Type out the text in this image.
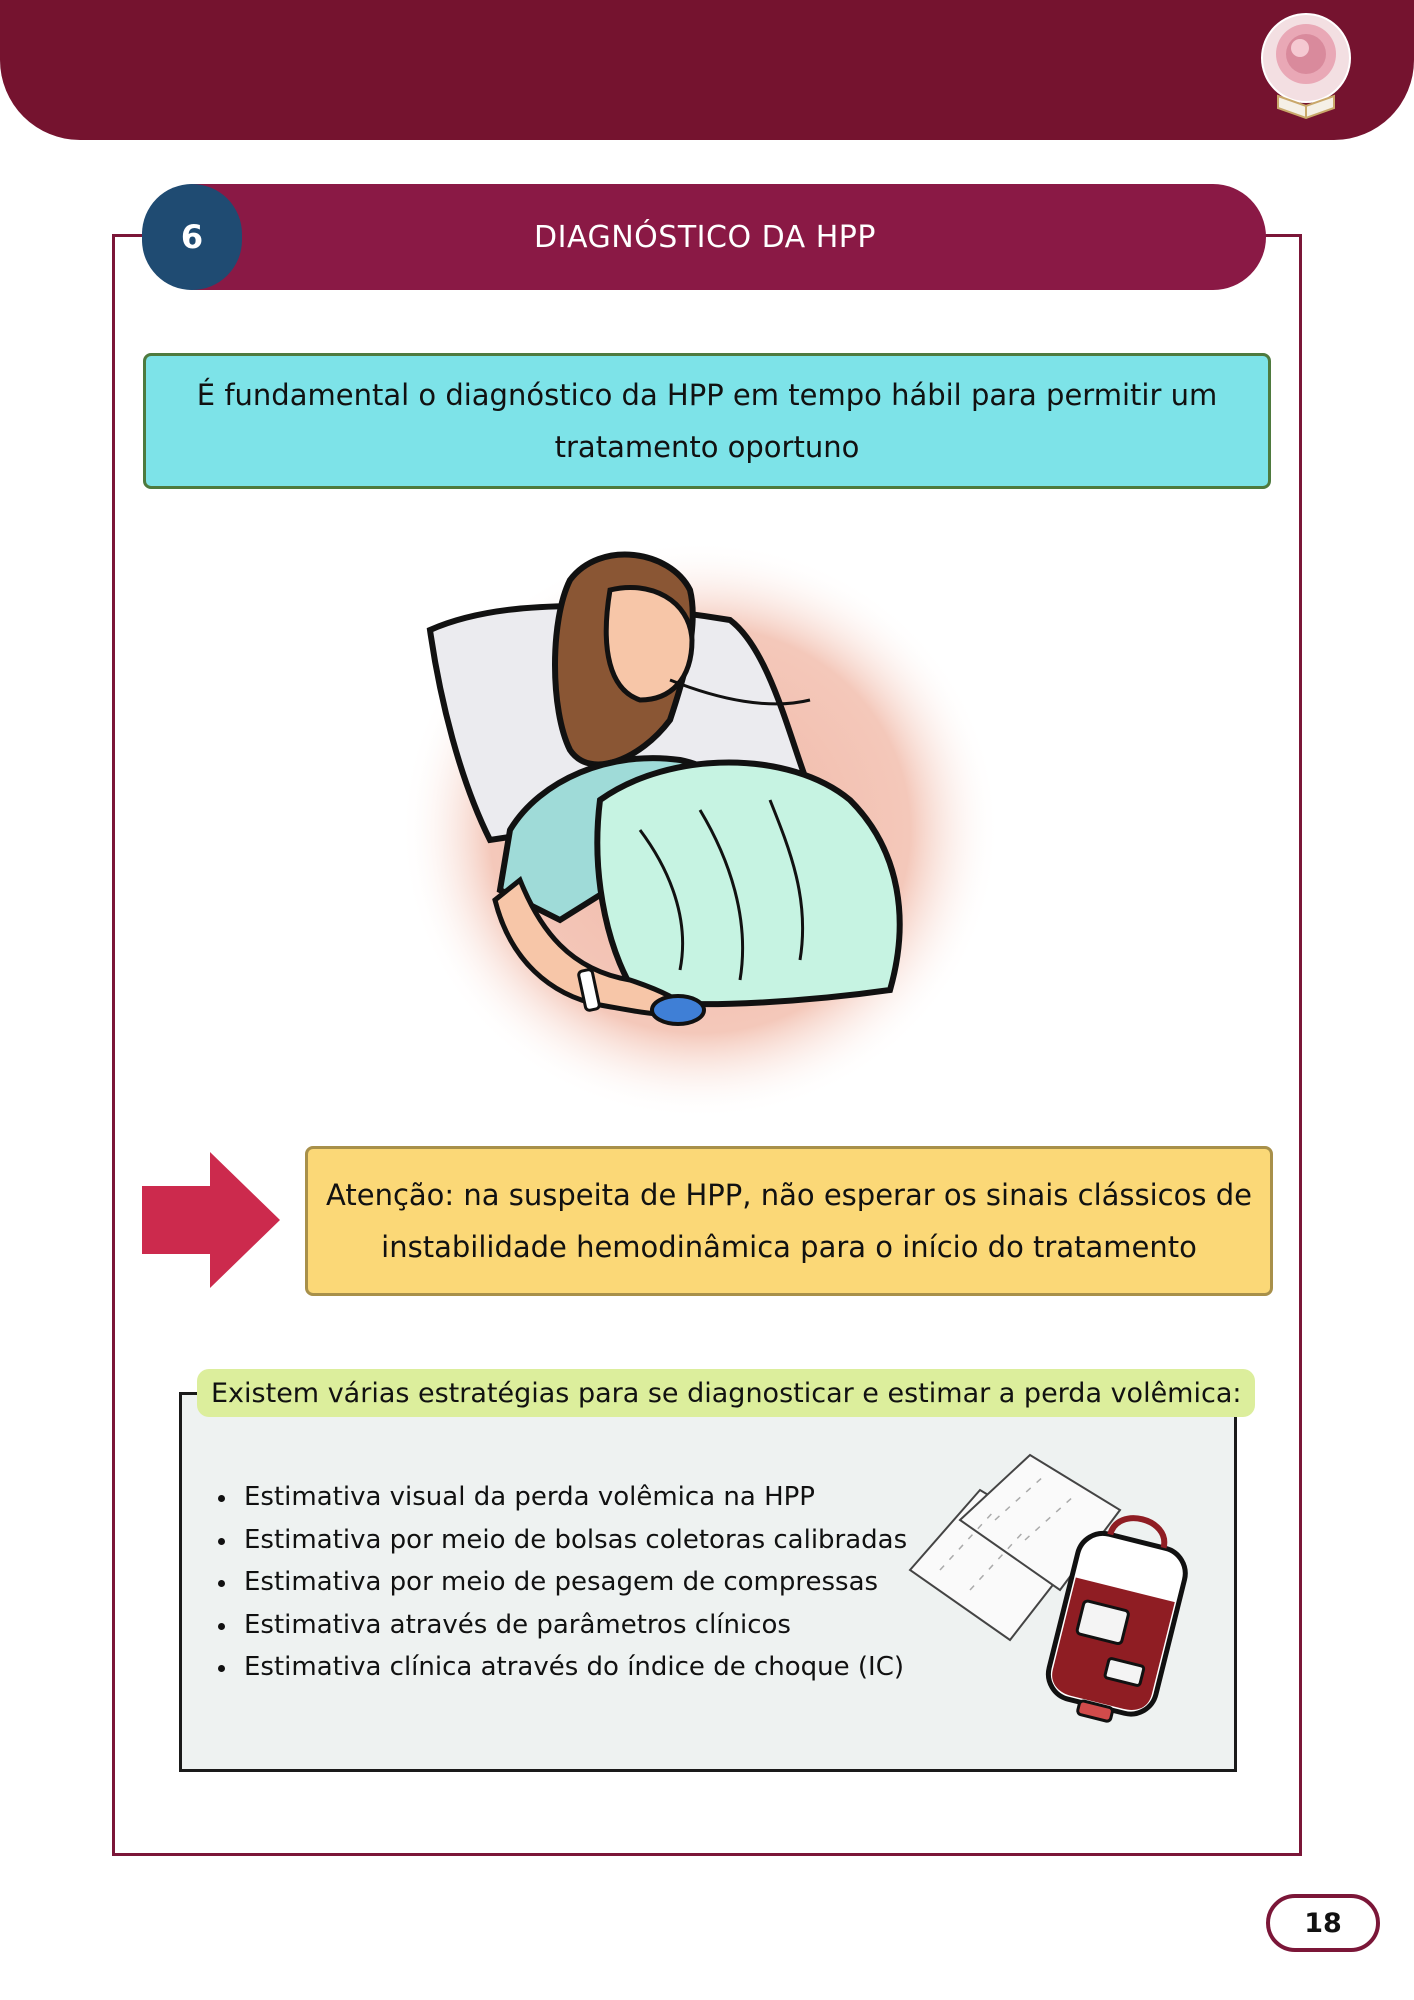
6	DIAGNÓSTICO DA HPP
É fundamental o diagnóstico da HPP em tempo hábil para permitir um tratamento oportuno
Atenção: na suspeita de HPP, não esperar os sinais clássicos de instabilidade hemodinâmica para o início do tratamento
Existem várias estratégias para se diagnosticar e estimar a perda volêmica:
Estimativa visual da perda volêmica na HPP
Estimativa por meio de bolsas coletoras calibradas
Estimativa por meio de pesagem de compressas
Estimativa através de parâmetros clínicos
Estimativa clínica através do índice de choque (IC)
18
